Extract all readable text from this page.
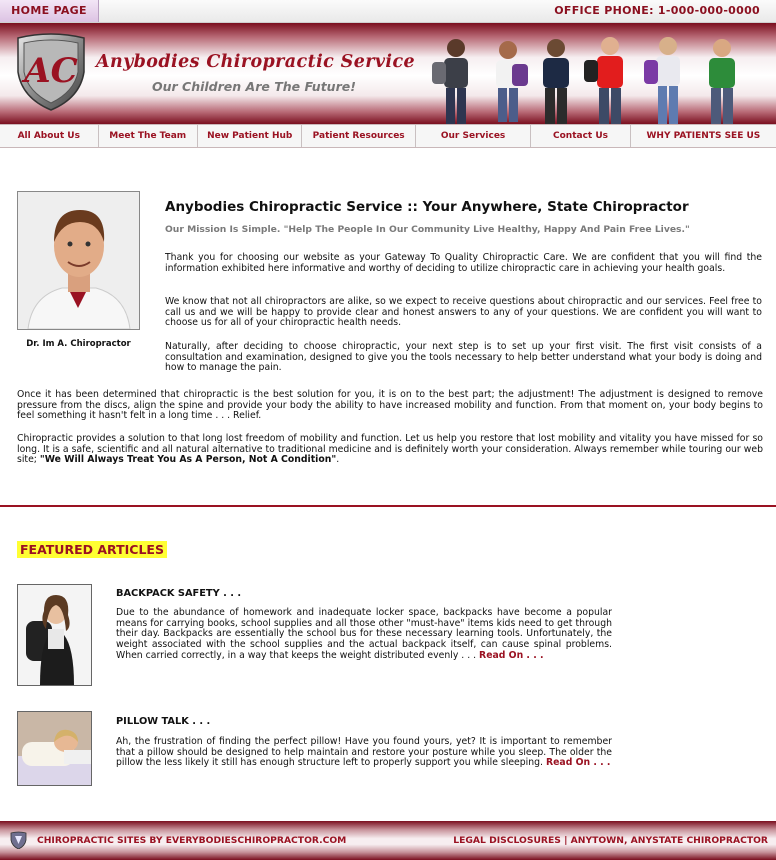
HOME PAGE	OFFICE PHONE: 1-000-000-0000
AC Anybodies Chiropractic Service
Our Children Are The Future!
All About Us	Meet The Team	New Patient Hub	Patient Resources	Our Services	Contact Us	WHY PATIENTS SEE US
Dr. Im A. Chiropractor
Anybodies Chiropractic Service :: Your Anywhere, State Chiropractor
Our Mission Is Simple. "Help The People In Our Community Live Healthy, Happy And Pain Free Lives."
Thank you for choosing our website as your Gateway To Quality Chiropractic Care. We are confident that you will find the information exhibited here informative and worthy of deciding to utilize chiropractic care in achieving your health goals.
We know that not all chiropractors are alike, so we expect to receive questions about chiropractic and our services. Feel free to call us and we will be happy to provide clear and honest answers to any of your questions. We are confident you will want to choose us for all of your chiropractic health needs.
Naturally, after deciding to choose chiropractic, your next step is to set up your first visit. The first visit consists of a consultation and examination, designed to give you the tools necessary to help better understand what your body is doing and how to manage the pain.
Once it has been determined that chiropractic is the best solution for you, it is on to the best part; the adjustment! The adjustment is designed to remove pressure from the discs, align the spine and provide your body the ability to have increased mobility and function. From that moment on, your body begins to feel something it hasn't felt in a long time . . . Relief.
Chiropractic provides a solution to that long lost freedom of mobility and function. Let us help you restore that lost mobility and vitality you have missed for so long. It is a safe, scientific and all natural alternative to traditional medicine and is definitely worth your consideration. Always remember while touring our web site; "We Will Always Treat You As A Person, Not A Condition".
FEATURED ARTICLES
BACKPACK SAFETY . . .
Due to the abundance of homework and inadequate locker space, backpacks have become a popular means for carrying books, school supplies and all those other "must-have" items kids need to get through their day. Backpacks are essentially the school bus for these necessary learning tools. Unfortunately, the weight associated with the school supplies and the actual backpack itself, can cause spinal problems. When carried correctly, in a way that keeps the weight distributed evenly . . . Read On . . .
PILLOW TALK . . .
Ah, the frustration of finding the perfect pillow! Have you found yours, yet? It is important to remember that a pillow should be designed to help maintain and restore your posture while you sleep. The older the pillow the less likely it still has enough structure left to properly support you while sleeping. Read On . . .
CHIROPRACTIC SITES BY EVERYBODIESCHIROPRACTOR.COM	LEGAL DISCLOSURES | ANYTOWN, ANYSTATE CHIROPRACTOR
